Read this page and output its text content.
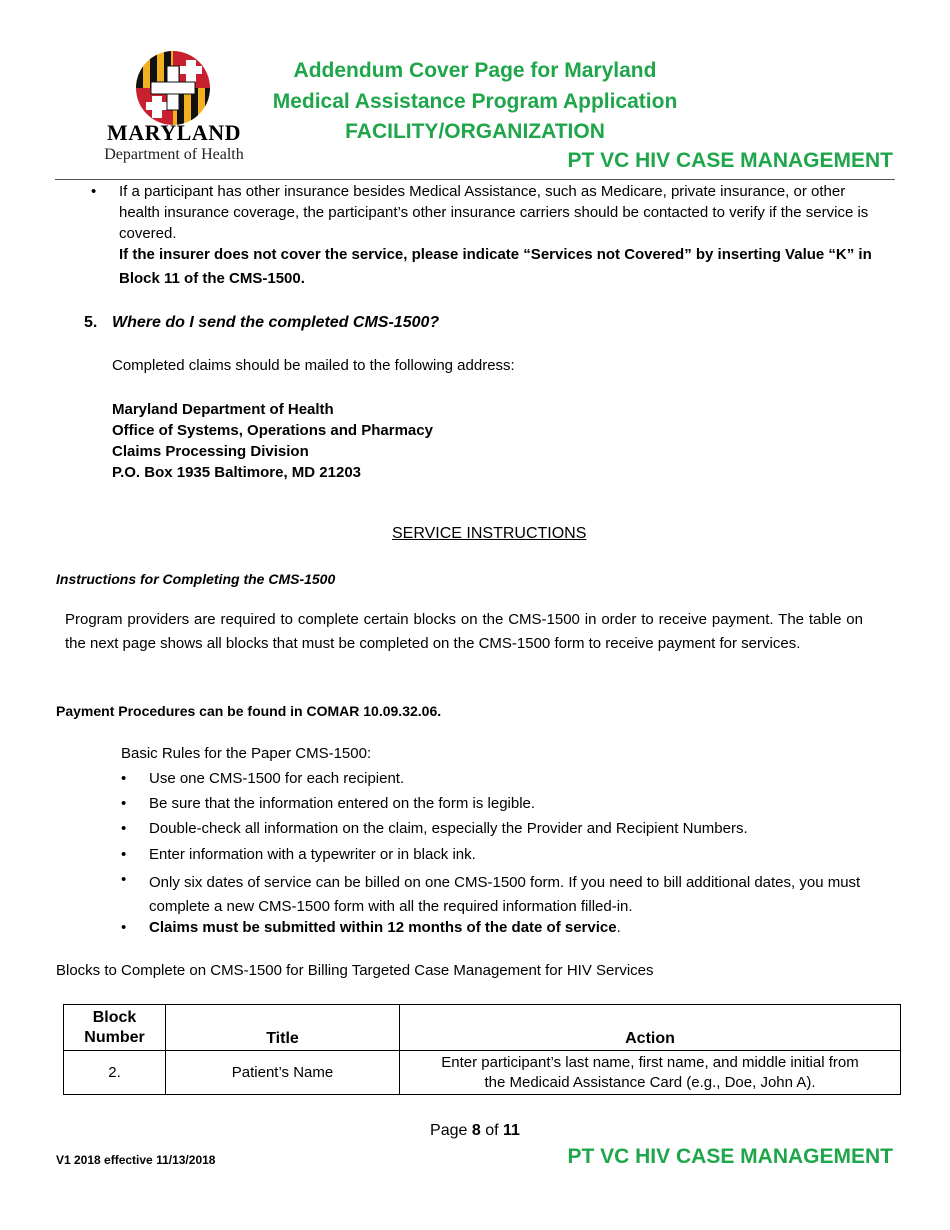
MARYLAND
Department of Health
Addendum Cover Page for Maryland
Medical Assistance Program Application
FACILITY/ORGANIZATION
PT VC HIV CASE MANAGEMENT
•	If a participant has other insurance besides Medical Assistance, such as Medicare, private insurance, or other health insurance coverage, the participant’s other insurance carriers should be contacted to verify if the service is covered.
If the insurer does not cover the service, please indicate “Services not Covered” by inserting Value “K” in Block 11 of the CMS-1500.
5. Where do I send the completed CMS-1500?
Completed claims should be mailed to the following address:
Maryland Department of Health
Office of Systems, Operations and Pharmacy
Claims Processing Division
P.O. Box 1935 Baltimore, MD 21203
SERVICE INSTRUCTIONS
Instructions for Completing the CMS-1500
Program providers are required to complete certain blocks on the CMS-1500 in order to receive payment. The table on the next page shows all blocks that must be completed on the CMS-1500 form to receive payment for services.
Payment Procedures can be found in COMAR 10.09.32.06.
Basic Rules for the Paper CMS-1500:
•	Use one CMS-1500 for each recipient.
•	Be sure that the information entered on the form is legible.
•	Double-check all information on the claim, especially the Provider and Recipient Numbers.
•	Enter information with a typewriter or in black ink.
•	Only six dates of service can be billed on one CMS-1500 form. If you need to bill additional dates, you must complete a new CMS-1500 form with all the required information filled-in.
•	Claims must be submitted within 12 months of the date of service.
Blocks to Complete on CMS-1500 for Billing Targeted Case Management for HIV Services
Block
Number	Title	Action
2.	Patient’s Name	Enter participant’s last name, first name, and middle initial from
the Medicaid Assistance Card (e.g., Doe, John A).
Page 8 of 11
V1 2018 effective 11/13/2018	PT VC HIV CASE MANAGEMENT
